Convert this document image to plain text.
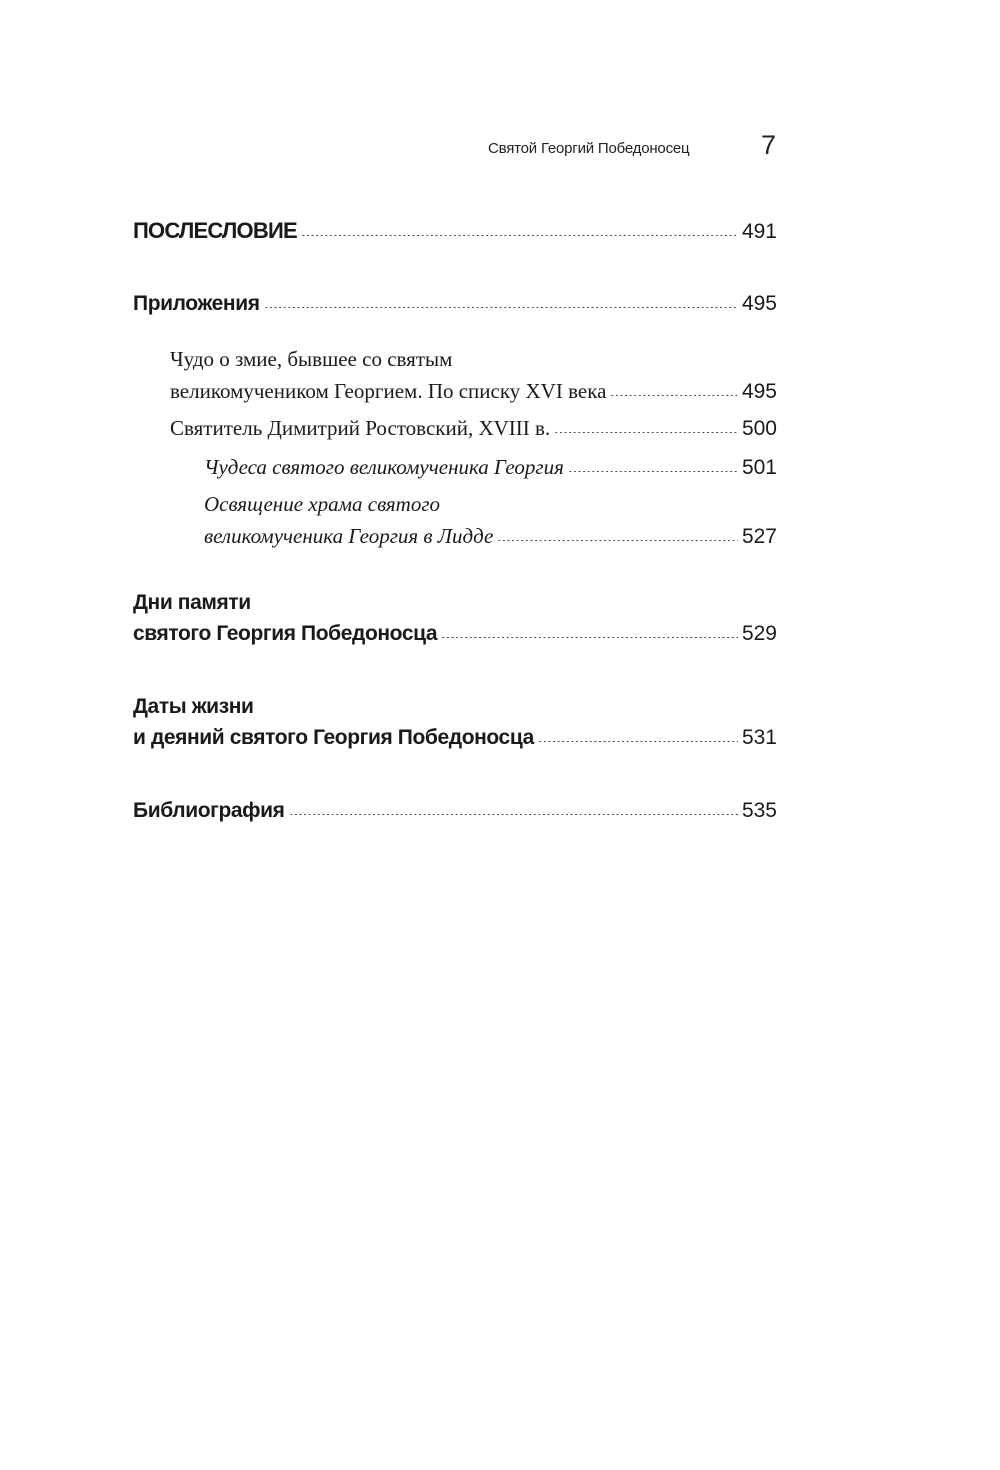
Святой Георгий Победоносец	7
ПОСЛЕСЛОВИЕ	491
Приложения	495
Чудо о змие, бывшее со святым
великомучеником Георгием. По списку XVI века	495
Святитель Димитрий Ростовский, XVIII в.	500
Чудеса святого великомученика Георгия	501
Освящение храма святого
великомученика Георгия в Лидде	527
Дни памяти
святого Георгия Победоносца	529
Даты жизни
и деяний святого Георгия Победоносца	531
Библиография	535
